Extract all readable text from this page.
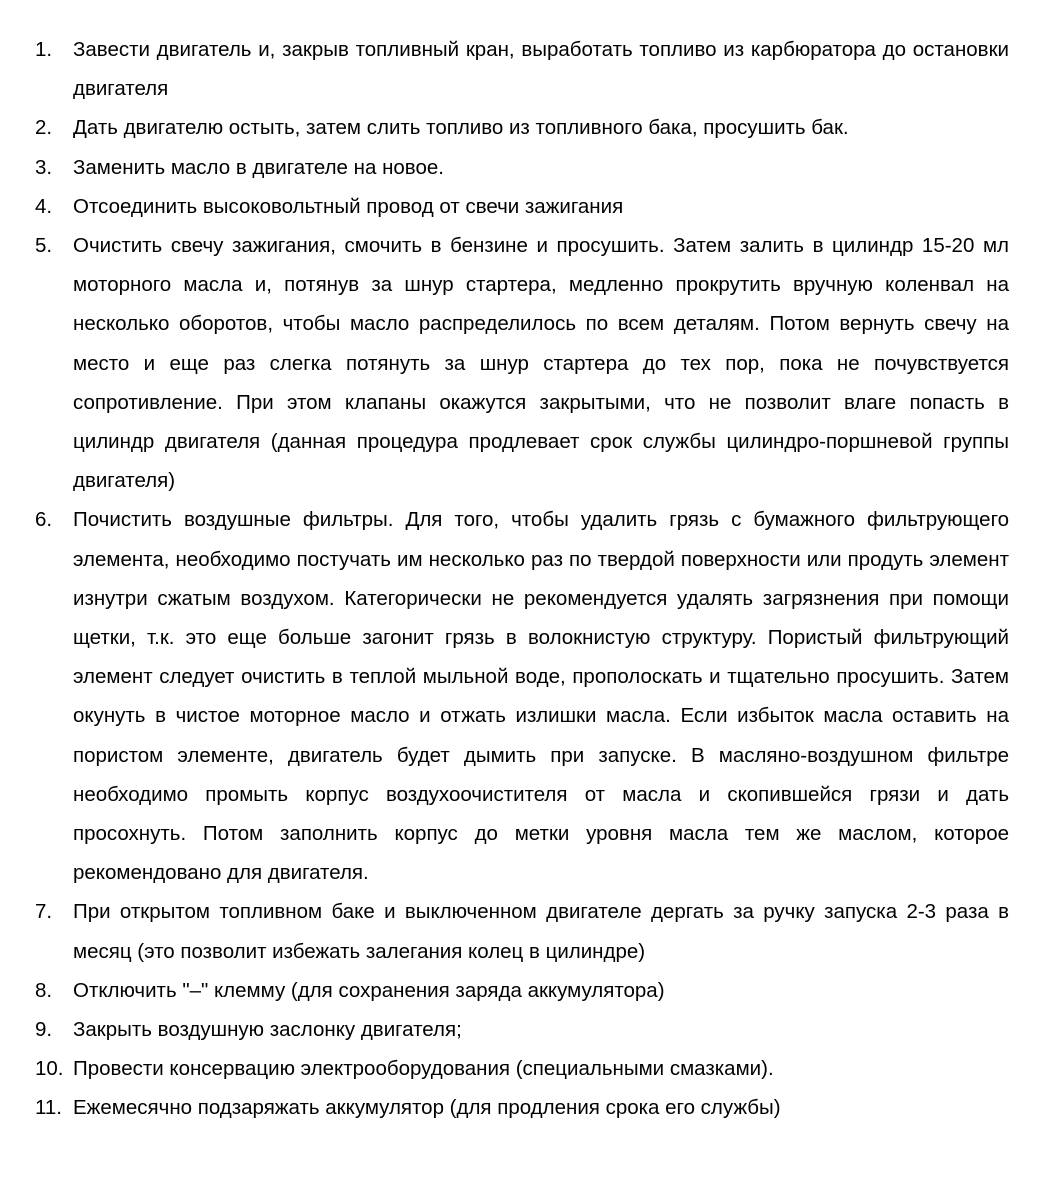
1.	Завести двигатель и, закрыв топливный кран, выработать топливо из карбюратора до остановки двигателя
2.	Дать двигателю остыть, затем слить топливо из топливного бака, просушить бак.
3.	Заменить масло в двигателе на новое.
4.	Отсоединить высоковольтный провод от свечи зажигания
5.	Очистить свечу зажигания, смочить в бензине и просушить. Затем залить в цилиндр 15-20 мл моторного масла и, потянув за шнур стартера, медленно прокрутить вручную коленвал на несколько оборотов, чтобы масло распределилось по всем деталям. Потом вернуть свечу на место и еще раз слегка потянуть за шнур стартера до тех пор, пока не почувствуется сопротивление. При этом клапаны окажутся закрытыми, что не позволит влаге попасть в цилиндр двигателя (данная процедура продлевает срок службы цилиндро-поршневой группы двигателя)
6.	Почистить воздушные фильтры. Для того, чтобы удалить грязь с бумажного фильтрующего элемента, необходимо постучать им несколько раз по твердой поверхности или продуть элемент изнутри сжатым воздухом. Категорически не рекомендуется удалять загрязнения при помощи щетки, т.к. это еще больше загонит грязь в волокнистую структуру. Пористый фильтрующий элемент следует очистить в теплой мыльной воде, прополоскать и тщательно просушить. Затем окунуть в чистое моторное масло и отжать излишки масла. Если избыток масла оставить на пористом элементе, двигатель будет дымить при запуске. В масляно-воздушном фильтре необходимо промыть корпус воздухоочистителя от масла и скопившейся грязи и дать просохнуть. Потом заполнить корпус до метки уровня масла тем же маслом, которое рекомендовано для двигателя.
7.	При открытом топливном баке и выключенном двигателе дергать за ручку запуска 2-3 раза в месяц (это позволит избежать залегания колец в цилиндре)
8.	Отключить "–" клемму (для сохранения заряда аккумулятора)
9.	Закрыть воздушную заслонку двигателя;
10. Провести консервацию электрооборудования (специальными смазками).
11. Ежемесячно подзаряжать аккумулятор (для продления срока его службы)
